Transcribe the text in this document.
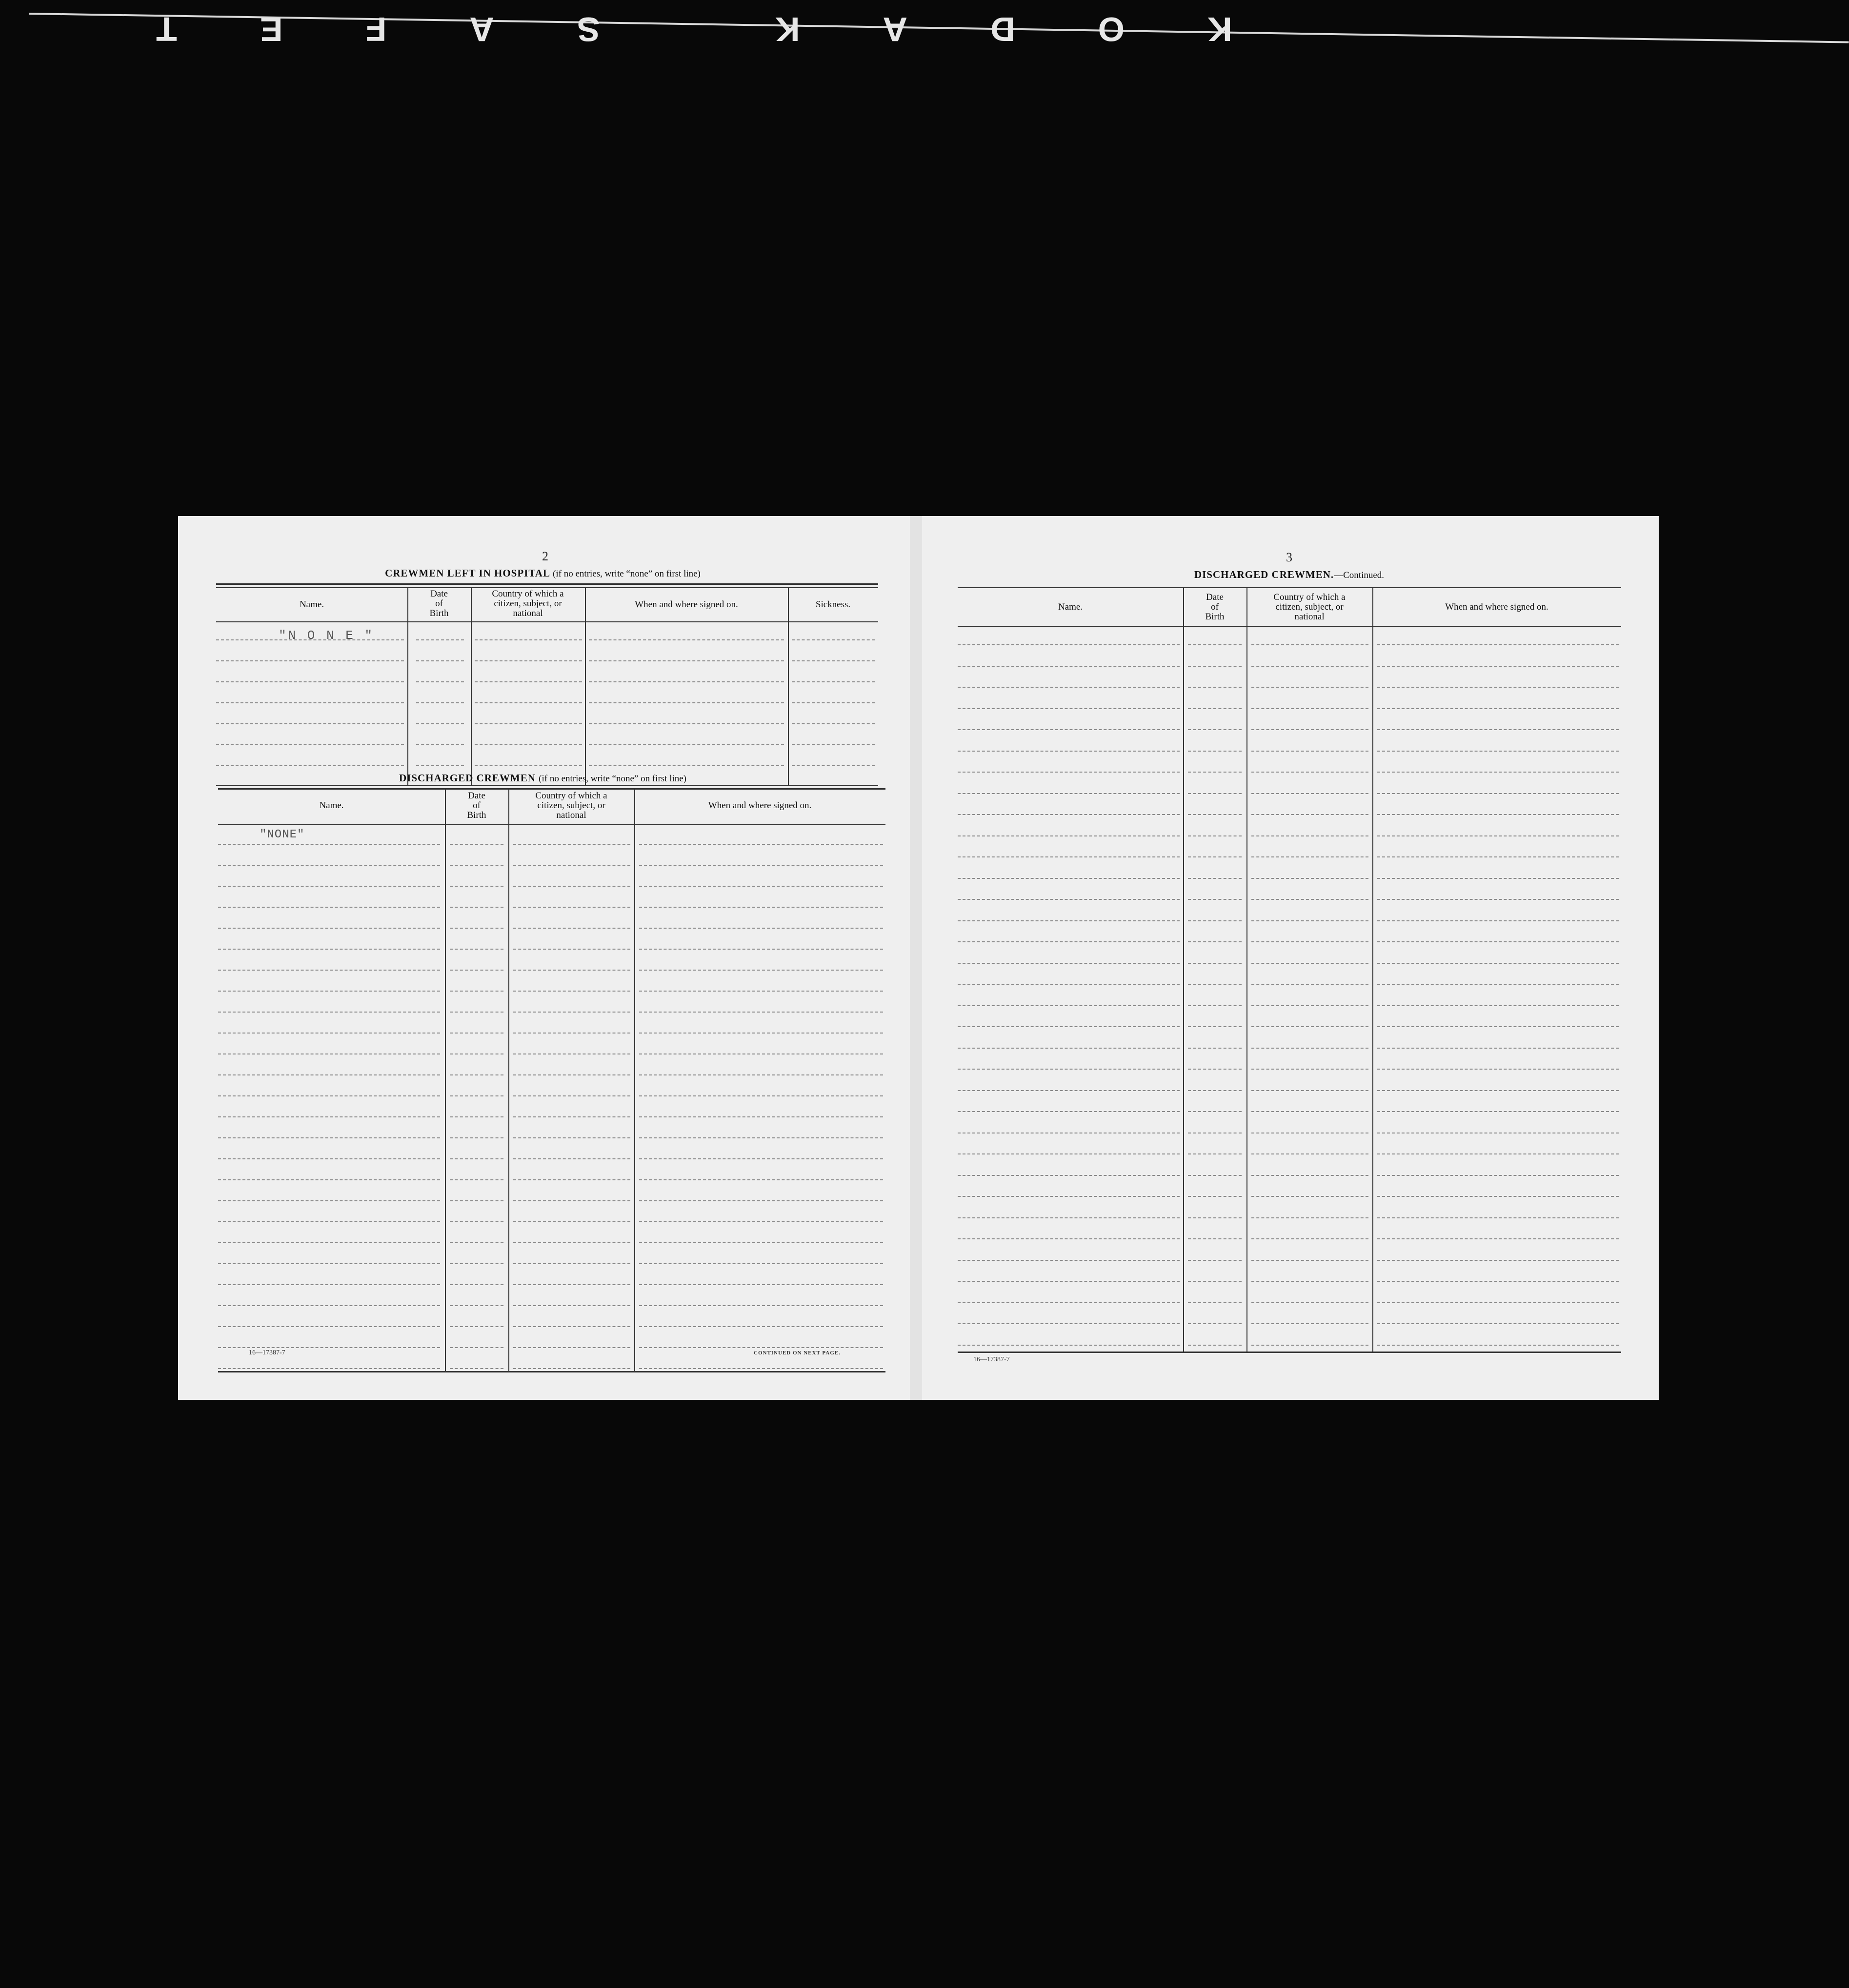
KODAK SAFET
2
CREWMEN LEFT IN HOSPITAL (if no entries, write “none” on first line)
Name.
Date
of
Birth
Country of which a
citizen, subject, or
national
When and where signed on.	Sickness.
"N O N E "
DISCHARGED CREWMEN (if no entries, write “none” on first line)
Name.
Date
of
Birth
Country of which a
citizen, subject, or
national
When and where signed on.
"NONE"
16—17387-7	CONTINUED ON NEXT PAGE.
3
DISCHARGED CREWMEN.—Continued.
Name.
Date
of
Birth
Country of which a
citizen, subject, or
national
When and where signed on.
16—17387-7
